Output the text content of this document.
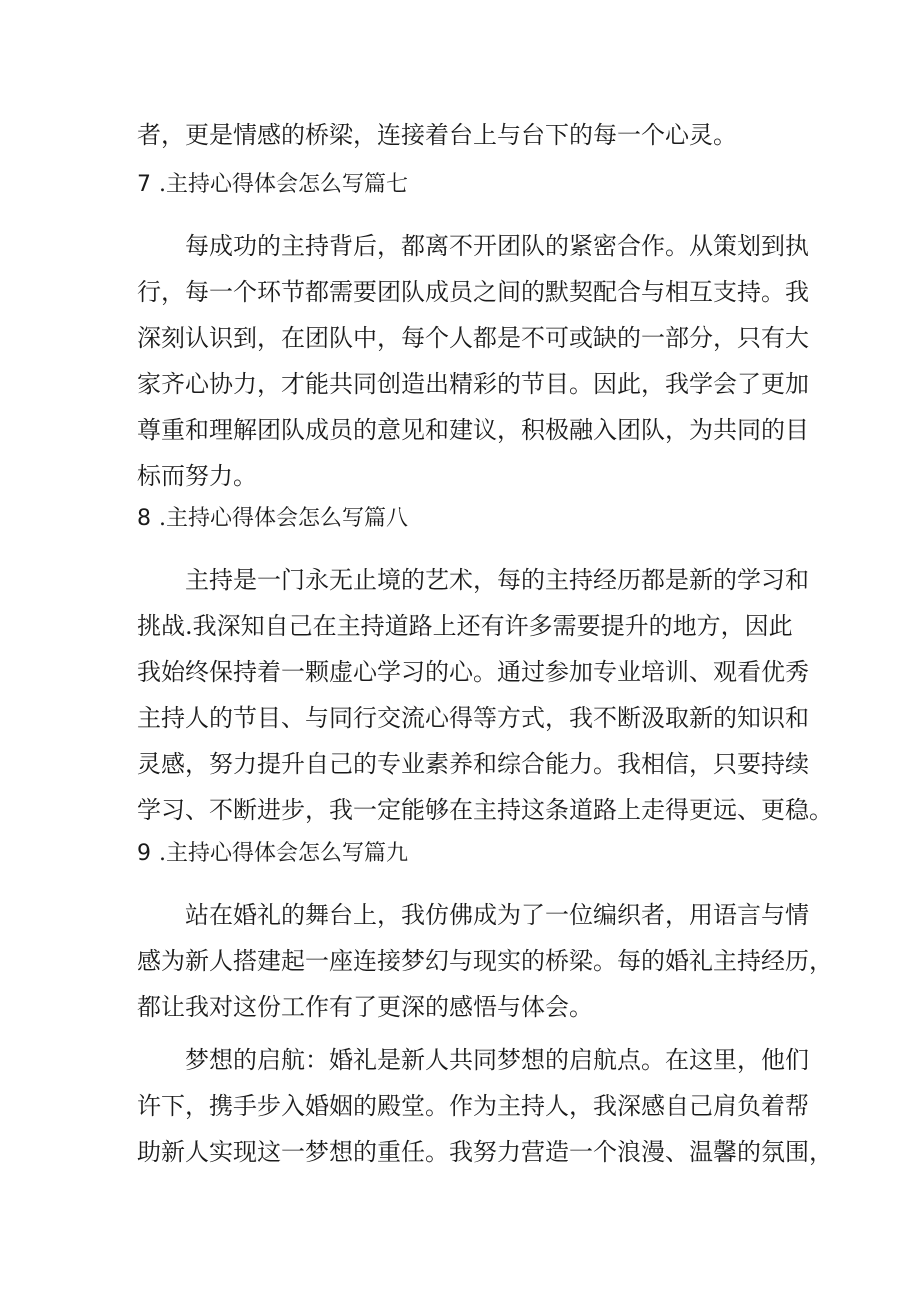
者，更是情感的桥梁，连接着台上与台下的每一个心灵。
7 .主持心得体会怎么写篇七
每成功的主持背后，都离不开团队的紧密合作。从策划到执
行，每一个环节都需要团队成员之间的默契配合与相互支持。我
深刻认识到，在团队中，每个人都是不可或缺的一部分，只有大
家齐心协力，才能共同创造出精彩的节目。因此，我学会了更加
尊重和理解团队成员的意见和建议，积极融入团队，为共同的目
标而努力。
8 .主持心得体会怎么写篇八
主持是一门永无止境的艺术，每的主持经历都是新的学习和
挑战.我深知自己在主持道路上还有许多需要提升的地方，因此
我始终保持着一颗虚心学习的心。通过参加专业培训、观看优秀
主持人的节目、与同行交流心得等方式，我不断汲取新的知识和
灵感，努力提升自己的专业素养和综合能力。我相信，只要持续
学习、不断进步，我一定能够在主持这条道路上走得更远、更稳。
9 .主持心得体会怎么写篇九
站在婚礼的舞台上，我仿佛成为了一位编织者，用语言与情
感为新人搭建起一座连接梦幻与现实的桥梁。每的婚礼主持经历，
都让我对这份工作有了更深的感悟与体会。
梦想的启航：婚礼是新人共同梦想的启航点。在这里，他们
许下，携手步入婚姻的殿堂。作为主持人，我深感自己肩负着帮
助新人实现这一梦想的重任。我努力营造一个浪漫、温馨的氛围，
